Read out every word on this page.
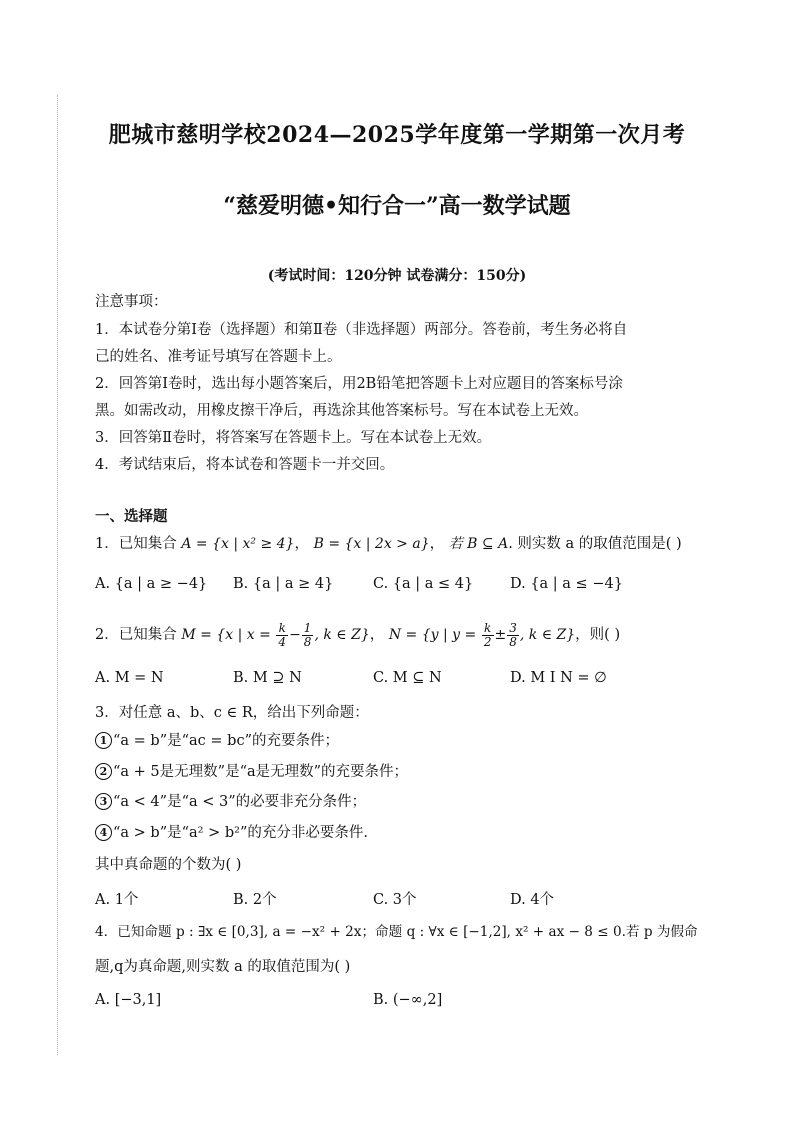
肥城市慈明学校2024—2025学年度第一学期第一次月考
“慈爱明德•知行合一”高一数学试题
(考试时间：120分钟 试卷满分：150分)
注意事项：
1．本试卷分第Ⅰ卷（选择题）和第Ⅱ卷（非选择题）两部分。答卷前，考生务必将自
己的姓名、准考证号填写在答题卡上。
2．回答第Ⅰ卷时，选出每小题答案后，用2B铅笔把答题卡上对应题目的答案标号涂
黑。如需改动，用橡皮擦干净后，再选涂其他答案标号。写在本试卷上无效。
3．回答第Ⅱ卷时，将答案写在答题卡上。写在本试卷上无效。
4．考试结束后，将本试卷和答题卡一并交回。
一、选择题
1．已知集合 A = {x | x² ≥ 4}， B = {x | 2x > a}， 若 B ⊆ A. 则实数 a 的取值范围是( )
A. {a | a ≥ −4} B. {a | a ≥ 4}	C. {a | a ≤ 4}	D. {a | a ≤ −4}
2．已知集合 M = {x | $x = \frac{k}{4} - \frac{1}{8}$ , k ∈ Z}， N = {y | $y = \frac{k}{2} \pm \frac{3}{8}$ , k ∈ Z}，则( )
A. M = N	B. M ⊇ N	C. M ⊆ N	D. M I N = ∅
3．对任意 a、b、c ∈ R，给出下列命题：
1 “a = b”是“ac = bc”的充要条件；
2 “a + 5是无理数”是“a是无理数”的充要条件；
3 “a < 4”是“a < 3”的必要非充分条件；
4 “a > b”是“a² > b²”的充分非必要条件.
其中真命题的个数为( )
A. 1个	B. 2个	C. 3个	D. 4个
4．已知命题 p : ∃x ∈ [0,3], a = −x² + 2x；命题 q : ∀x ∈ [−1,2], x² + ax − 8 ≤ 0.若 p 为假命
题,q为真命题,则实数 a 的取值范围为( )
A. [−3,1]	B. (−∞,2]
